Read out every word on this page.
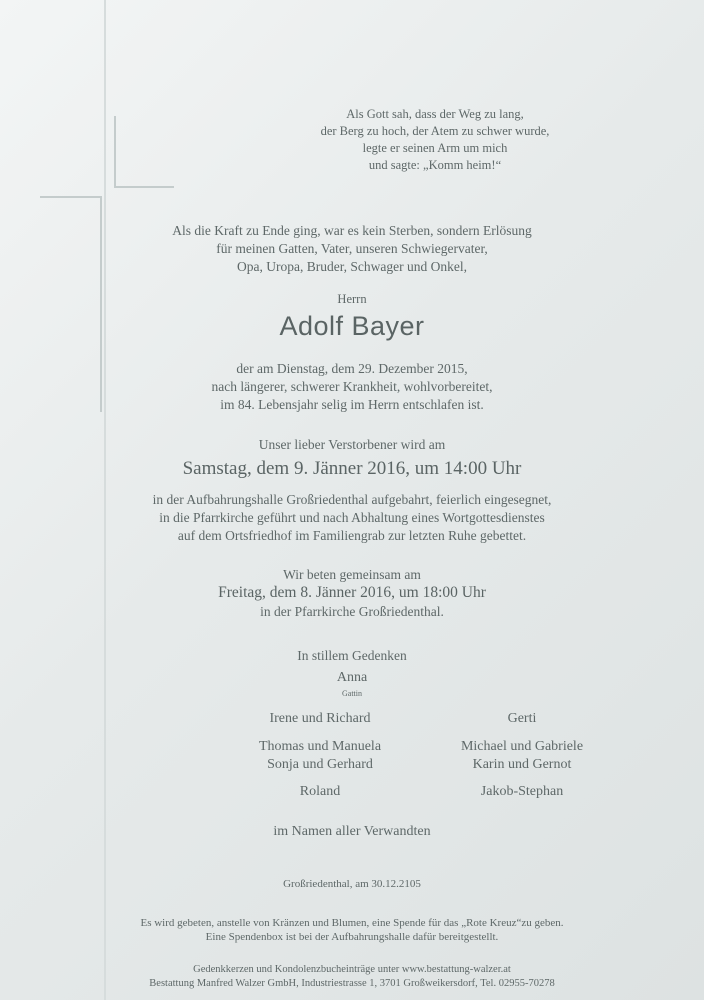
Als Gott sah, dass der Weg zu lang,
der Berg zu hoch, der Atem zu schwer wurde,
legte er seinen Arm um mich
und sagte: „Komm heim!“
Als die Kraft zu Ende ging, war es kein Sterben, sondern Erlösung
für meinen Gatten, Vater, unseren Schwiegervater,
Opa, Uropa, Bruder, Schwager und Onkel,
Herrn
Adolf Bayer
der am Dienstag, dem 29. Dezember 2015,
nach längerer, schwerer Krankheit, wohlvorbereitet,
im 84. Lebensjahr selig im Herrn entschlafen ist.
Unser lieber Verstorbener wird am
Samstag, dem 9. Jänner 2016, um 14:00 Uhr
in der Aufbahrungshalle Großriedenthal aufgebahrt, feierlich eingesegnet,
in die Pfarrkirche geführt und nach Abhaltung eines Wortgottesdienstes
auf dem Ortsfriedhof im Familiengrab zur letzten Ruhe gebettet.
Wir beten gemeinsam am
Freitag, dem 8. Jänner 2016, um 18:00 Uhr
in der Pfarrkirche Großriedenthal.
In stillem Gedenken
Anna
Gattin
Irene und Richard
Thomas und Manuela
Sonja und Gerhard
Roland
Gerti
Michael und Gabriele
Karin und Gernot
Jakob-Stephan
im Namen aller Verwandten
Großriedenthal, am 30.12.2105
Es wird gebeten, anstelle von Kränzen und Blumen, eine Spende für das „Rote Kreuz“zu geben.
Eine Spendenbox ist bei der Aufbahrungshalle dafür bereitgestellt.
Gedenkkerzen und Kondolenzbucheinträge unter www.bestattung-walzer.at
Bestattung Manfred Walzer GmbH, Industriestrasse 1, 3701 Großweikersdorf, Tel. 02955-70278
